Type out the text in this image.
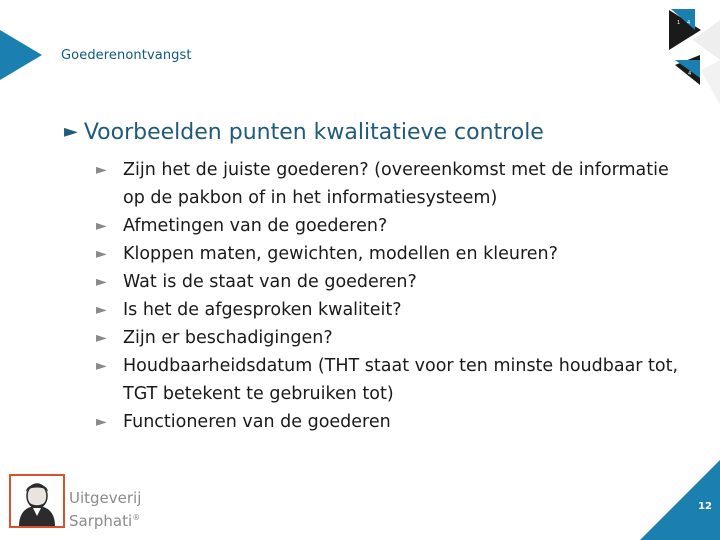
Goederenontvangst
1 4
1 4
► Voorbeelden punten kwalitatieve controle
► Zijn het de juiste goederen? (overeenkomst met de informatie op de pakbon of in het informatiesysteem)
► Afmetingen van de goederen?
► Kloppen maten, gewichten, modellen en kleuren?
► Wat is de staat van de goederen?
► Is het de afgesproken kwaliteit?
► Zijn er beschadigingen?
► Houdbaarheidsdatum (THT staat voor ten minste houdbaar tot, TGT betekent te gebruiken tot)
► Functioneren van de goederen
Uitgeverij
Sarphati®
12
